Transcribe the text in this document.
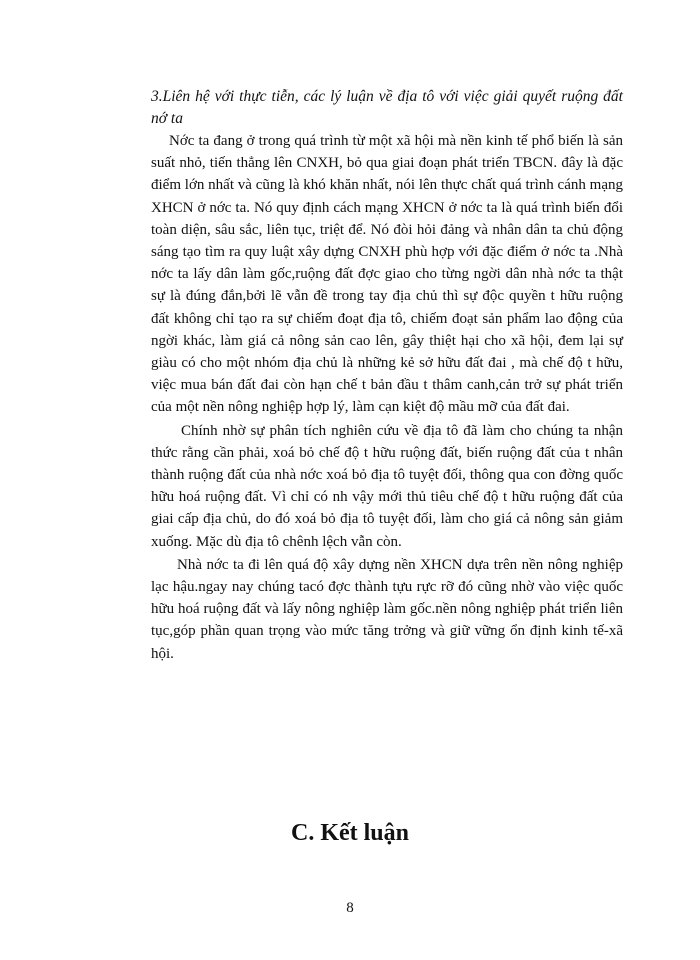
3.Liên hệ với thực tiễn, các lý luận về địa tô với việc giải quyết ruộng đất nớ ta

Nớc ta đang ở trong quá trình từ một xã hội mà nền kinh tế phổ biến là sản suất nhỏ, tiến thẳng lên CNXH, bỏ qua giai đoạn phát triển TBCN. đây là đặc điểm lớn nhất và cũng là khó khăn nhất, nói lên thực chất quá trình cánh mạng XHCN ở nớc ta. Nó quy định cách mạng XHCN ở nớc ta là quá trình biến đổi toàn diện, sâu sắc, liên tục, triệt để. Nó đòi hỏi đảng và nhân dân ta chủ động sáng tạo tìm ra quy luật xây dựng CNXH phù hợp với đặc điểm ở nớc ta .Nhà nớc ta lấy dân làm gốc,ruộng đất đợc giao cho từng ngời dân nhà nớc ta thật sự là đúng đắn,bởi lẽ vẫn đề trong tay địa chủ thì sự độc quyền t hữu ruộng đất không chỉ tạo ra sự chiếm đoạt địa tô, chiếm đoạt sản phẩm lao động của ngời khác, làm giá cả nông sản cao lên, gây thiệt hại cho xã hội, đem lại sự giàu có cho một nhóm địa chủ là những kẻ sở hữu đất đai , mà chế độ t hữu, việc mua bán đất đai còn hạn chế t bản đầu t thâm canh,cản trở sự phát triển của một nền nông nghiệp hợp lý, làm cạn kiệt độ mầu mỡ của đất đai.

Chính nhờ sự phân tích nghiên cứu về địa tô đã làm cho chúng ta nhận thức rằng cần phải, xoá bỏ chế độ t hữu ruộng đất, biến ruộng đất của t nhân thành ruộng đất của nhà nớc xoá bỏ địa tô tuyệt đối, thông qua con đờng quốc hữu hoá ruộng đất. Vì chỉ có nh vậy mới thủ tiêu chế độ t hữu ruộng đất của giai cấp địa chủ, do đó xoá bỏ địa tô tuyệt đối, làm cho giá cả nông sản giảm xuống. Mặc dù địa tô chênh lệch vẫn còn.

Nhà nớc ta đi lên quá độ xây dựng nền XHCN dựa trên nền nông nghiệp lạc hậu.ngay nay chúng tacó đợc thành tựu rực rỡ đó cũng nhờ vào việc quốc hữu hoá ruộng đất và lấy nông nghiệp làm gốc.nền nông nghiệp phát triển liên tục,góp phần quan trọng vào mức tăng trởng và giữ vững ổn định kinh tế-xã hội.

C. Kết luận

8
